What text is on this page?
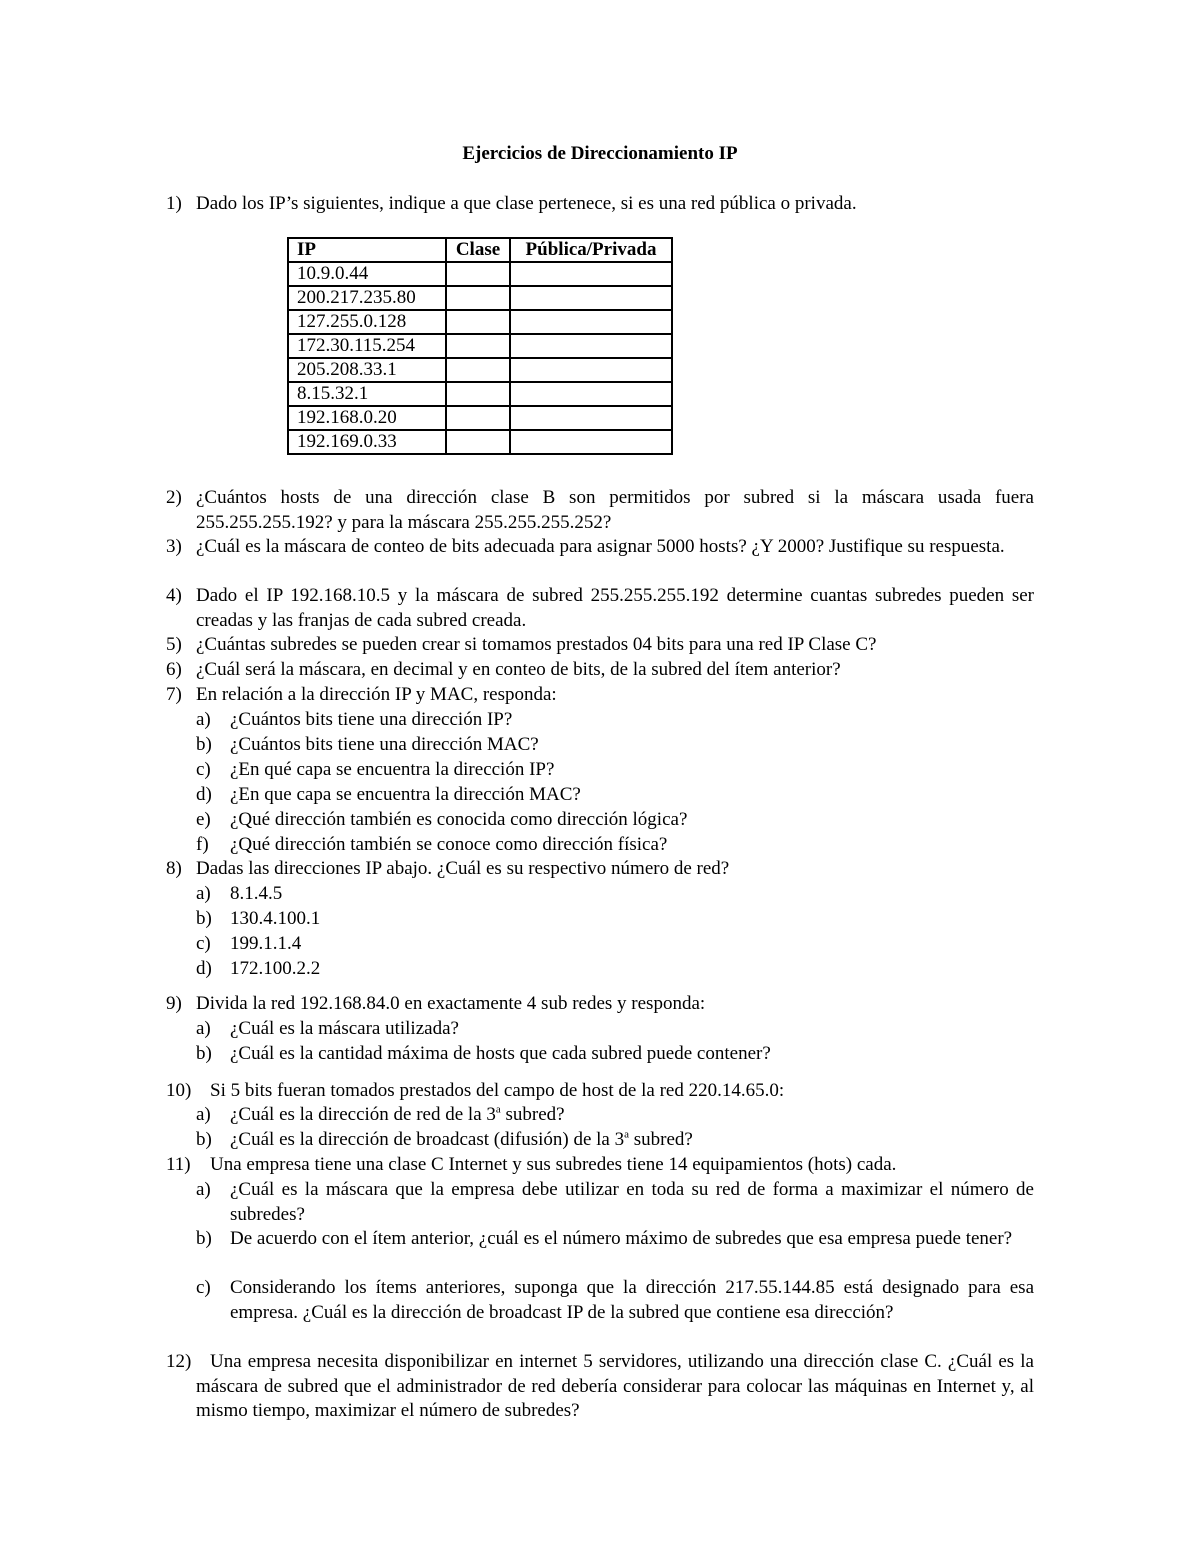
Ejercicios de Direccionamiento IP
1) Dado los IP’s siguientes, indique a que clase pertenece, si es una red pública o privada.
IP	Clase	Pública/Privada
10.9.0.44		
200.217.235.80		
127.255.0.128		
172.30.115.254		
205.208.33.1		
8.15.32.1		
192.168.0.20		
192.169.0.33		
2) ¿Cuántos hosts de una dirección clase B son permitidos por subred si la máscara usada fuera 255.255.255.192? y para la máscara 255.255.255.252?
3) ¿Cuál es la máscara de conteo de bits adecuada para asignar 5000 hosts? ¿Y 2000? Justifique su respuesta.
4) Dado el IP 192.168.10.5 y la máscara de subred 255.255.255.192 determine cuantas subredes pueden ser creadas y las franjas de cada subred creada.
5) ¿Cuántas subredes se pueden crear si tomamos prestados 04 bits para una red IP Clase C?
6) ¿Cuál será la máscara, en decimal y en conteo de bits, de la subred del ítem anterior?
7) En relación a la dirección IP y MAC, responda:
a) ¿Cuántos bits tiene una dirección IP?
b) ¿Cuántos bits tiene una dirección MAC?
c) ¿En qué capa se encuentra la dirección IP?
d) ¿En que capa se encuentra la dirección MAC?
e) ¿Qué dirección también es conocida como dirección lógica?
f) ¿Qué dirección también se conoce como dirección física?
8) Dadas las direcciones IP abajo. ¿Cuál es su respectivo número de red?
a) 8.1.4.5
b) 130.4.100.1
c) 199.1.1.4
d) 172.100.2.2
9) Divida la red 192.168.84.0 en exactamente 4 sub redes y responda:
a) ¿Cuál es la máscara utilizada?
b) ¿Cuál es la cantidad máxima de hosts que cada subred puede contener?
10) Si 5 bits fueran tomados prestados del campo de host de la red 220.14.65.0:
a) ¿Cuál es la dirección de red de la 3$^a$ subred?
b) ¿Cuál es la dirección de broadcast (difusión) de la 3$^a$ subred?
11) Una empresa tiene una clase C Internet y sus subredes tiene 14 equipamientos (hots) cada.
a) ¿Cuál es la máscara que la empresa debe utilizar en toda su red de forma a maximizar el número de subredes?
b) De acuerdo con el ítem anterior, ¿cuál es el número máximo de subredes que esa empresa puede tener?
c) Considerando los ítems anteriores, suponga que la dirección 217.55.144.85 está designado para esa empresa. ¿Cuál es la dirección de broadcast IP de la subred que contiene esa dirección?
12) Una empresa necesita disponibilizar en internet 5 servidores, utilizando una dirección clase C. ¿Cuál es la máscara de subred que el administrador de red debería considerar para colocar las máquinas en Internet y, al mismo tiempo, maximizar el número de subredes?
